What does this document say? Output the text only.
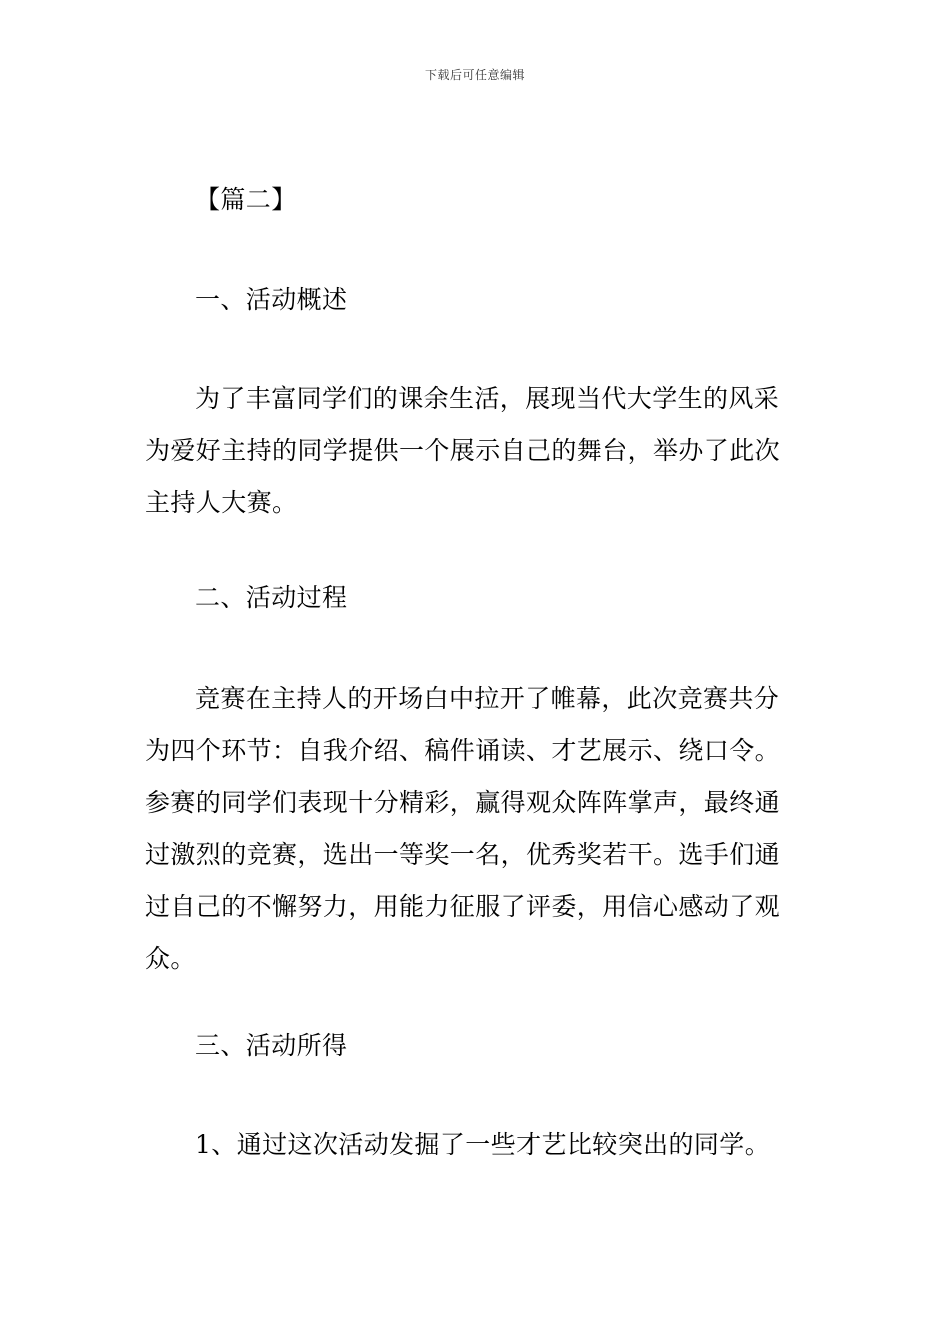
下载后可任意编辑

【篇二】

一、活动概述

为了丰富同学们的课余生活，展现当代大学生的风采
为爱好主持的同学提供一个展示自己的舞台，举办了此次
主持人大赛。

二、活动过程

竞赛在主持人的开场白中拉开了帷幕，此次竞赛共分
为四个环节：自我介绍、稿件诵读、才艺展示、绕口令。
参赛的同学们表现十分精彩，赢得观众阵阵掌声，最终通
过激烈的竞赛，选出一等奖一名，优秀奖若干。选手们通
过自己的不懈努力，用能力征服了评委，用信心感动了观
众。

三、活动所得

1、通过这次活动发掘了一些才艺比较突出的同学。
